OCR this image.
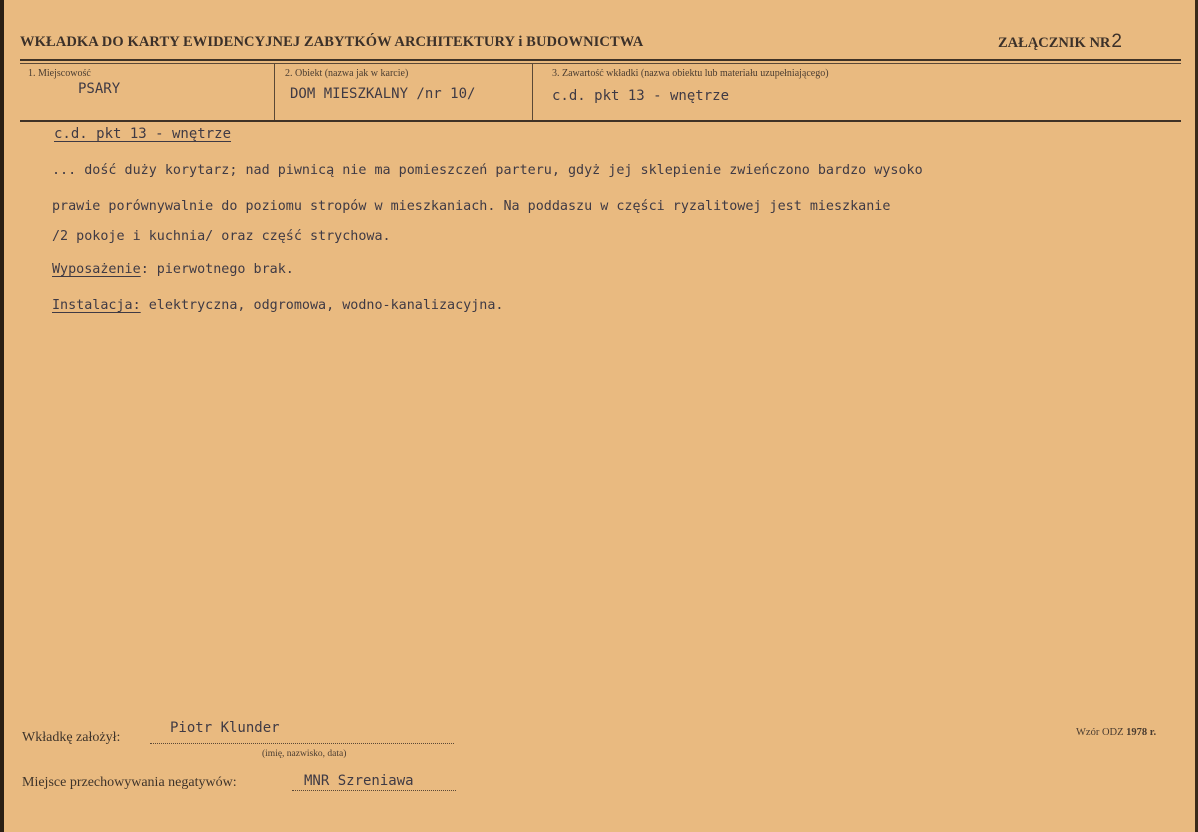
WKŁADKA DO KARTY EWIDENCYJNEJ ZABYTKÓW ARCHITEKTURY i BUDOWNICTWA	ZAŁĄCZNIK NR2
1. Miejscowość
PSARY
2. Obiekt (nazwa jak w karcie)
DOM MIESZKALNY /nr 10/
3. Zawartość wkładki (nazwa obiektu lub materiału uzupełniającego)
c.d. pkt 13 - wnętrze
c.d. pkt 13 - wnętrze
... dość duży korytarz; nad piwnicą nie ma pomieszczeń parteru, gdyż jej sklepienie zwieńczono bardzo wysoko
prawie porównywalnie do poziomu stropów w mieszkaniach. Na poddaszu w części ryzalitowej jest mieszkanie
/2 pokoje i kuchnia/ oraz część strychowa.
Wyposażenie: pierwotnego brak.
Instalacja: elektryczna, odgromowa, wodno-kanalizacyjna.
Wkładkę założył:
Piotr Klunder
(imię, nazwisko, data)
Miejsce przechowywania negatywów:	MNR Szreniawa
Wzór ODZ 1978 r.
